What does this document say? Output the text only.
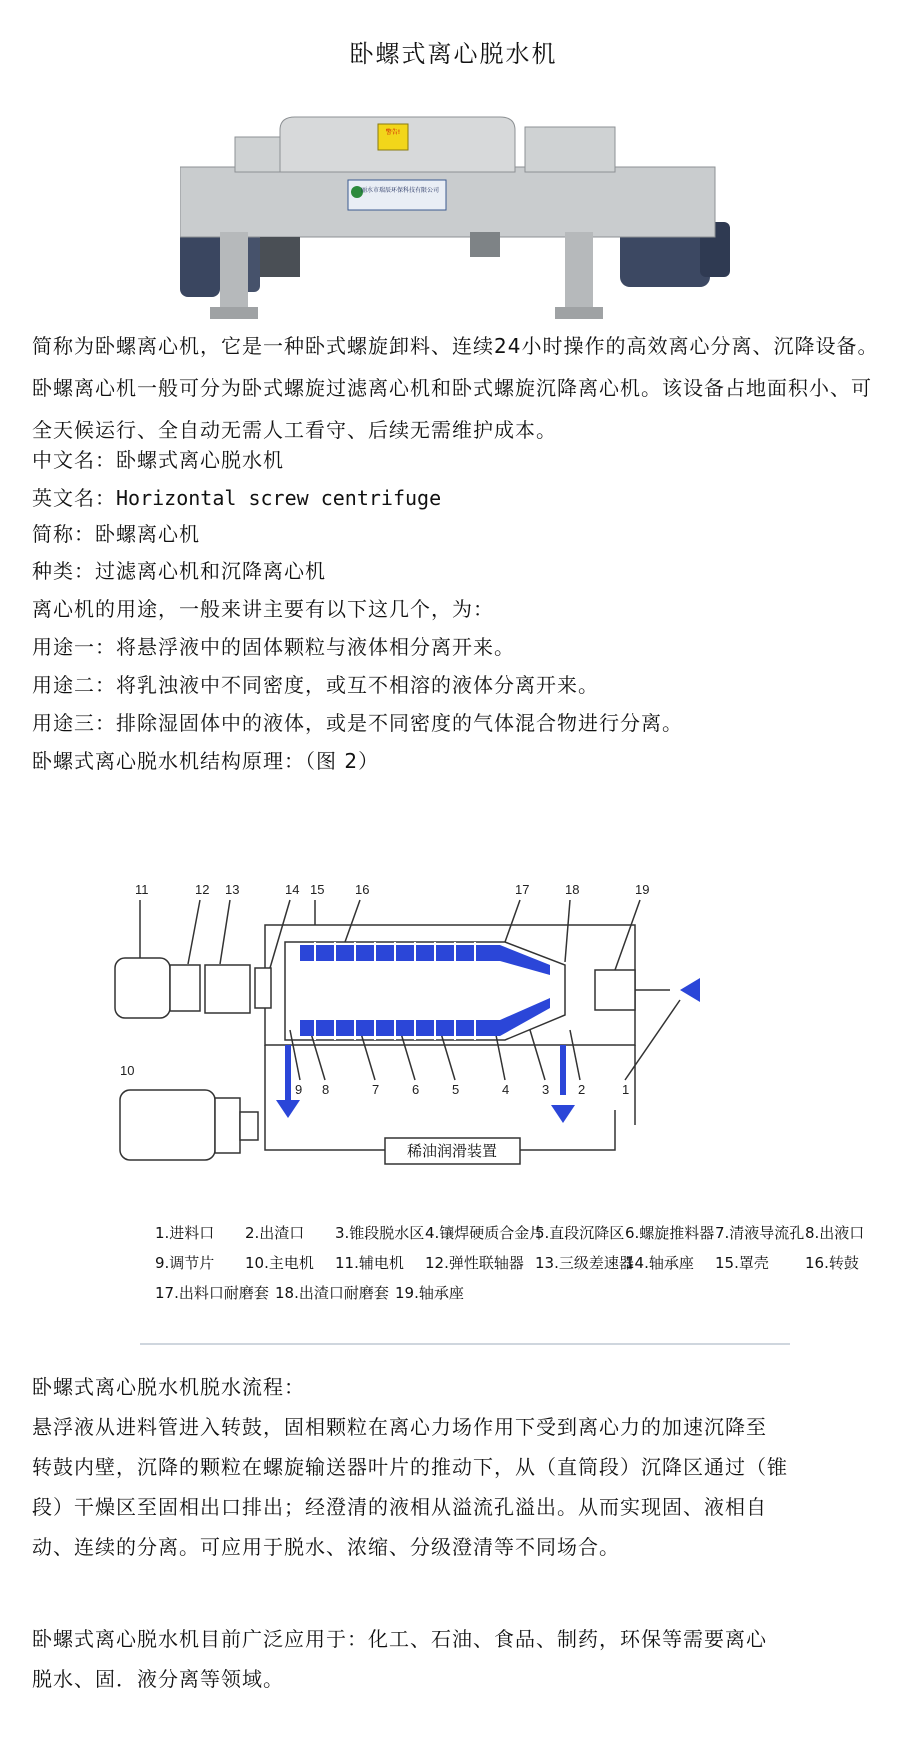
卧螺式离心脱水机
警告!
丽水市瑞辰环保科技有限公司
简称为卧螺离心机，它是一种卧式螺旋卸料、连续24小时操作的高效离心分离、沉降设备。 卧螺离心机一般可分为卧式螺旋过滤离心机和卧式螺旋沉降离心机。该设备占地面积小、可全天候运行、全自动无需人工看守、后续无需维护成本。
中文名：卧螺式离心脱水机
英文名：Horizontal screw centrifuge
简称：卧螺离心机
种类：过滤离心机和沉降离心机
离心机的用途，一般来讲主要有以下这几个，为：
用途一：将悬浮液中的固体颗粒与液体相分离开来。
用途二：将乳浊液中不同密度，或互不相溶的液体分离开来。
用途三：排除湿固体中的液体，或是不同密度的气体混合物进行分离。
卧螺式离心脱水机结构原理：（图 2）
11	12 13	14 15 16	17	18	19
10
9 8	7	6	5	4	3 2	1
稀油润滑装置
1.进料口 2.出渣口 3.锥段脱水区4.镶焊硬质合金片5.直段沉降区6.螺旋推料器7.清液导流孔8.出液口
9.调节片 10.主电机 11.辅电机 12.弹性联轴器 13.三级差速器14.轴承座 15.罩壳 16.转鼓
17.出料口耐磨套 18.出渣口耐磨套 19.轴承座
卧螺式离心脱水机脱水流程：
悬浮液从进料管进入转鼓，固相颗粒在离心力场作用下受到离心力的加速沉降至
转鼓内壁，沉降的颗粒在螺旋输送器叶片的推动下，从（直筒段）沉降区通过（锥
段）干燥区至固相出口排出；经澄清的液相从溢流孔溢出。从而实现固、液相自
动、连续的分离。可应用于脱水、浓缩、分级澄清等不同场合。
卧螺式离心脱水机目前广泛应用于：化工、石油、食品、制药，环保等需要离心
脱水、固．液分离等领域。
